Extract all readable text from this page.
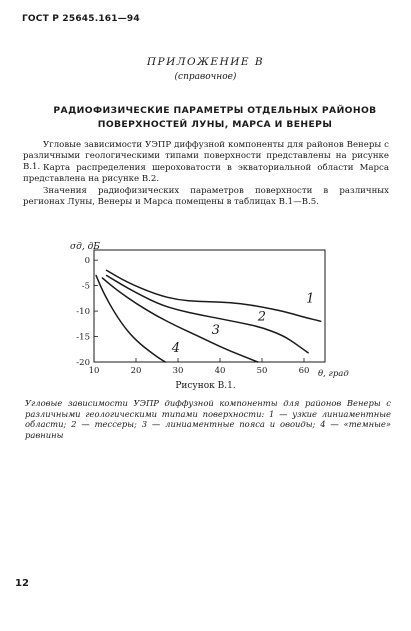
ГОСТ Р 25645.161—94
ПРИЛОЖЕНИЕ В
(справочное)
РАДИОФИЗИЧЕСКИЕ ПАРАМЕТРЫ ОТДЕЛЬНЫХ РАЙОНОВ
ПОВЕРХНОСТЕЙ ЛУНЫ, МАРСА И ВЕНЕРЫ
Угловые зависимости УЭПР диффузной компоненты для районов Венеры с различными геологическими типами поверхности представлены на рисунке В.1. Карта распределения шероховатости в экваториальной области Марса представлена на рисунке В.2.
Значения радиофизических параметров поверхности в различных регионах Луны, Венеры и Марса помещены в таблицах В.1—В.5.
10	20	30	40	50	60
0
-5
-10
-15
-20
1
2
3
4
σд, дБ
θ, град
Рисунок В.1.
Угловые зависимости УЭПР диффузной компоненты для районов Венеры с различными геологическими типами поверхности: 1 — узкие линиаментные области; 2 — тессеры; 3 — линиаментные пояса и овоиды; 4 — «темные» равнины
12
